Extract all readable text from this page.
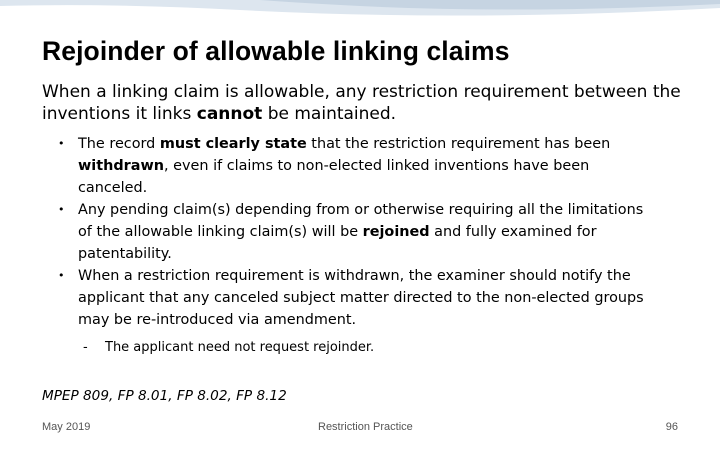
Rejoinder of allowable linking claims

When a linking claim is allowable, any restriction requirement between the inventions it links cannot be maintained.

• The record must clearly state that the restriction requirement has been withdrawn, even if claims to non-elected linked inventions have been canceled.
• Any pending claim(s) depending from or otherwise requiring all the limitations of the allowable linking claim(s) will be rejoined and fully examined for patentability.
• When a restriction requirement is withdrawn, the examiner should notify the applicant that any canceled subject matter directed to the non-elected groups may be re-introduced via amendment.
- The applicant need not request rejoinder.
MPEP 809, FP 8.01, FP 8.02, FP 8.12
May 2019	Restriction Practice	96
